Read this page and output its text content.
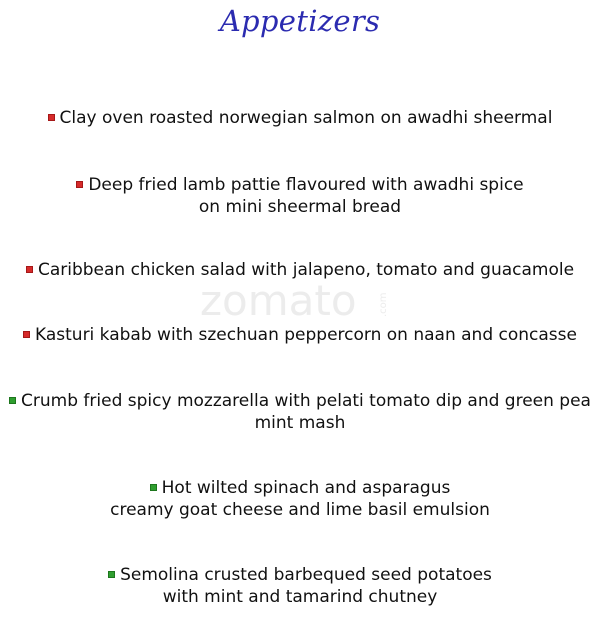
Appetizers
zomato .com
Clay oven roasted norwegian salmon on awadhi sheermal
Deep fried lamb pattie flavoured with awadhi spice
on mini sheermal bread
Caribbean chicken salad with jalapeno, tomato and guacamole
Kasturi kabab with szechuan peppercorn on naan and concasse
Crumb fried spicy mozzarella with pelati tomato dip and green pea
mint mash
Hot wilted spinach and asparagus
creamy goat cheese and lime basil emulsion
Semolina crusted barbequed seed potatoes
with mint and tamarind chutney
